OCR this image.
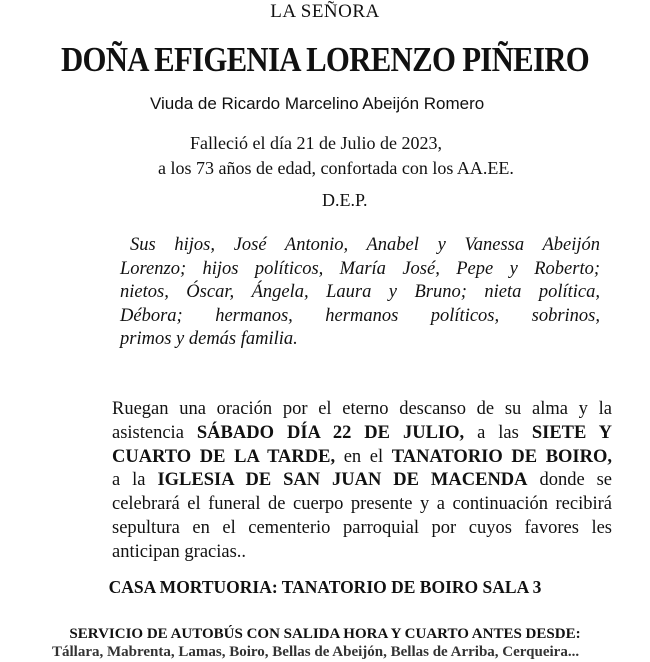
LA SEÑORA
DOÑA EFIGENIA LORENZO PIÑEIRO
Viuda de Ricardo Marcelino Abeijón Romero
Falleció el día 21 de Julio de 2023,
a los 73 años de edad, confortada con los AA.EE.
D.E.P.
Sus hijos, José Antonio, Anabel y Vanessa Abeijón
Lorenzo; hijos políticos, María José, Pepe y Roberto;
nietos, Óscar, Ángela, Laura y Bruno; nieta política,
Débora; hermanos, hermanos políticos, sobrinos,
primos y demás familia.
Ruegan una oración por el eterno descanso de su alma y la
asistencia SÁBADO DÍA 22 DE JULIO, a las SIETE Y
CUARTO DE LA TARDE, en el TANATORIO DE BOIRO,
a la IGLESIA DE SAN JUAN DE MACENDA donde se
celebrará el funeral de cuerpo presente y a continuación recibirá
sepultura en el cementerio parroquial por cuyos favores les
anticipan gracias..
CASA MORTUORIA: TANATORIO DE BOIRO SALA 3
SERVICIO DE AUTOBÚS CON SALIDA HORA Y CUARTO ANTES DESDE:
Tállara, Mabrenta, Lamas, Boiro, Bellas de Abeijón, Bellas de Arriba, Cerqueira...
